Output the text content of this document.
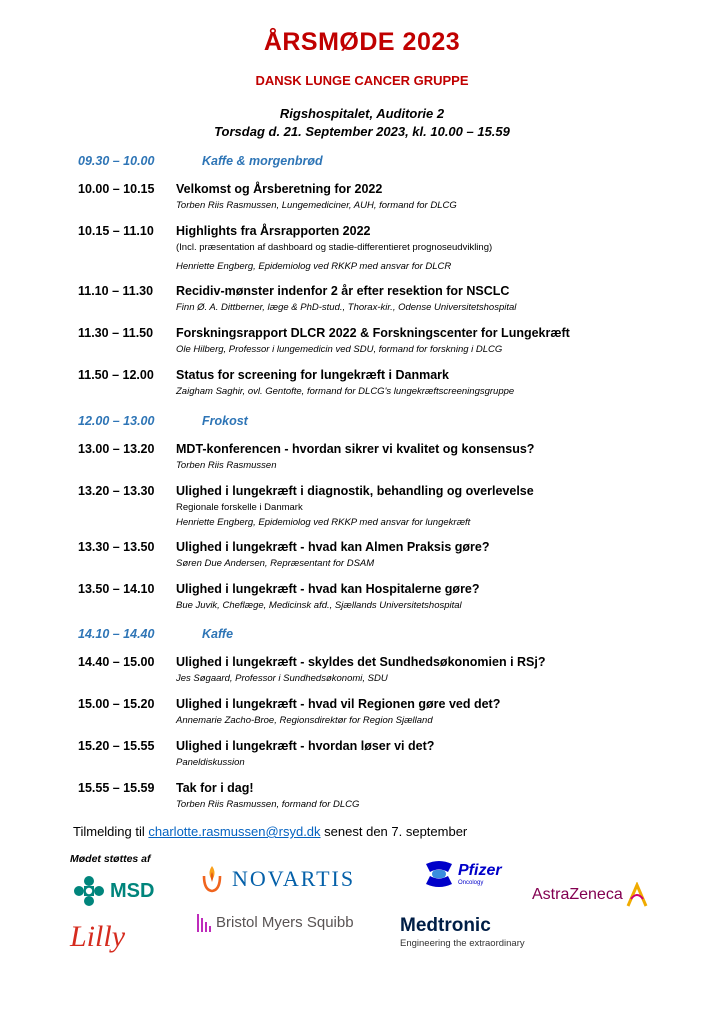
ÅRSMØDE 2023
DANSK LUNGE CANCER GRUPPE
Rigshospitalet, Auditorie 2
Torsdag d. 21. September 2023, kl. 10.00 – 15.59
09.30 – 10.00	Kaffe & morgenbrød
10.00 – 10.15 Velkomst og Årsberetning for 2022
Torben Riis Rasmussen, Lungemediciner, AUH, formand for DLCG
10.15 – 11.10 Highlights fra Årsrapporten 2022
(Incl. præsentation af dashboard og stadie-differentieret prognoseudvikling)
Henriette Engberg, Epidemiolog ved RKKP med ansvar for DLCR
11.10 – 11.30 Recidiv-mønster indenfor 2 år efter resektion for NSCLC
Finn Ø. A. Dittberner, læge & PhD-stud., Thorax-kir., Odense Universitetshospital
11.30 – 11.50 Forskningsrapport DLCR 2022 & Forskningscenter for Lungekræft
Ole Hilberg, Professor i lungemedicin ved SDU, formand for forskning i DLCG
11.50 – 12.00 Status for screening for lungekræft i Danmark
Zaigham Saghir, ovl. Gentofte, formand for DLCG's lungekræftscreeningsgruppe
12.00 – 13.00	Frokost
13.00 – 13.20 MDT-konferencen - hvordan sikrer vi kvalitet og konsensus?
Torben Riis Rasmussen
13.20 – 13.30 Ulighed i lungekræft i diagnostik, behandling og overlevelse
Regionale forskelle i Danmark
Henriette Engberg, Epidemiolog ved RKKP med ansvar for lungekræft
13.30 – 13.50 Ulighed i lungekræft - hvad kan Almen Praksis gøre?
Søren Due Andersen, Repræsentant for DSAM
13.50 – 14.10 Ulighed i lungekræft - hvad kan Hospitalerne gøre?
Bue Juvik, Cheflæge, Medicinsk afd., Sjællands Universitetshospital
14.10 – 14.40	Kaffe
14.40 – 15.00 Ulighed i lungekræft - skyldes det Sundhedsøkonomien i RSj?
Jes Søgaard, Professor i Sundhedsøkonomi, SDU
15.00 – 15.20 Ulighed i lungekræft - hvad vil Regionen gøre ved det?
Annemarie Zacho-Broe, Regionsdirektør for Region Sjælland
15.20 – 15.55 Ulighed i lungekræft - hvordan løser vi det?
Paneldiskussion
15.55 – 15.59 Tak for i dag!
Torben Riis Rasmussen, formand for DLCG
Tilmelding til charlotte.rasmussen@rsyd.dk senest den 7. september
Mødet støttes af
MSD	NOVARTIS	Pfizer
Oncology
AstraZeneca
Lilly	Bristol Myers Squibb Medtronic
Engineering the extraordinary
